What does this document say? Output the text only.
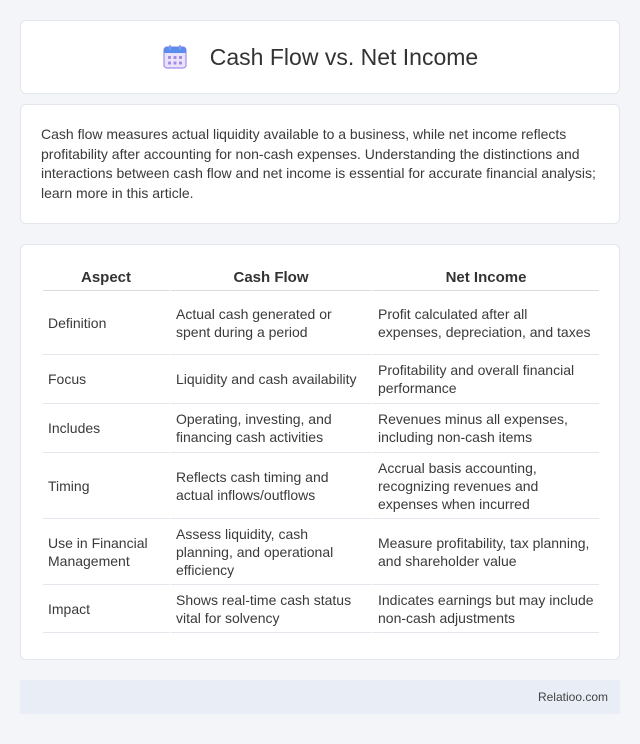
Cash Flow vs. Net Income

Cash flow measures actual liquidity available to a business, while net income reflects profitability after accounting for non-cash expenses. Understanding the distinctions and interactions between cash flow and net income is essential for accurate financial analysis; learn more in this article.

Aspect	Cash Flow	Net Income
Definition	Actual cash generated or spent during a period	Profit calculated after all expenses, depreciation, and taxes
Focus	Liquidity and cash availability	Profitability and overall financial performance
Includes	Operating, investing, and financing cash activities	Revenues minus all expenses, including non-cash items
Timing	Reflects cash timing and actual inflows/outflows	Accrual basis accounting, recognizing revenues and expenses when incurred
Use in Financial Management	Assess liquidity, cash planning, and operational efficiency	Measure profitability, tax planning, and shareholder value
Impact	Shows real-time cash status vital for solvency	Indicates earnings but may include non-cash adjustments
Relatioo.com
